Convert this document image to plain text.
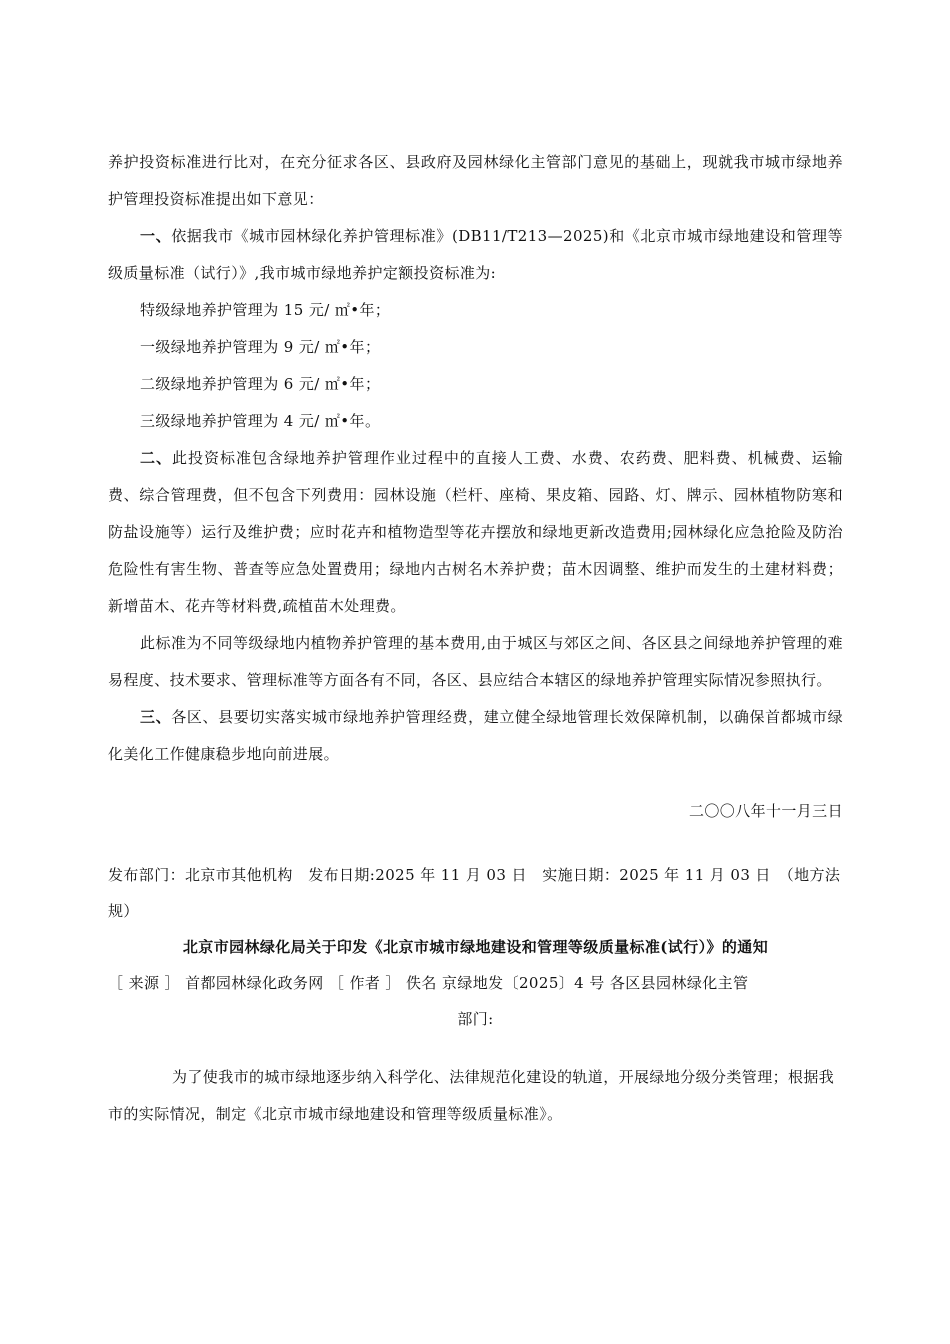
养护投资标准进行比对，在充分征求各区、县政府及园林绿化主管部门意见的基础上，现就我市城市绿地养护管理投资标准提出如下意见：

一、依据我市《城市园林绿化养护管理标准》(DB11/T213—2025)和《北京市城市绿地建设和管理等级质量标准（试行）》,我市城市绿地养护定额投资标准为:

特级绿地养护管理为 15 元/ ㎡•年；

一级绿地养护管理为 9 元/ ㎡•年；

二级绿地养护管理为 6 元/ ㎡•年；

三级绿地养护管理为 4 元/ ㎡•年。

二、此投资标准包含绿地养护管理作业过程中的直接人工费、水费、农药费、肥料费、机械费、运输费、综合管理费，但不包含下列费用：园林设施（栏杆、座椅、果皮箱、园路、灯、牌示、园林植物防寒和防盐设施等）运行及维护费；应时花卉和植物造型等花卉摆放和绿地更新改造费用;园林绿化应急抢险及防治危险性有害生物、普查等应急处置费用；绿地内古树名木养护费；苗木因调整、维护而发生的土建材料费；新增苗木、花卉等材料费,疏植苗木处理费。

此标准为不同等级绿地内植物养护管理的基本费用,由于城区与郊区之间、各区县之间绿地养护管理的难易程度、技术要求、管理标准等方面各有不同，各区、县应结合本辖区的绿地养护管理实际情况参照执行。

三、各区、县要切实落实城市绿地养护管理经费，建立健全绿地管理长效保障机制，以确保首都城市绿化美化工作健康稳步地向前进展。

二〇〇八年十一月三日

发布部门：北京市其他机构　发布日期:2025 年 11 月 03 日　实施日期：2025 年 11 月 03 日　（地方法规）

北京市园林绿化局关于印发《北京市城市绿地建设和管理等级质量标准(试行）》的通知

［ 来源 ］ 首都园林绿化政务网 ［ 作者 ］ 佚名 京绿地发〔2025〕4 号 各区县园林绿化主管

部门:

为了使我市的城市绿地逐步纳入科学化、法律规范化建设的轨道，开展绿地分级分类管理；根据我市的实际情况，制定《北京市城市绿地建设和管理等级质量标准》。
